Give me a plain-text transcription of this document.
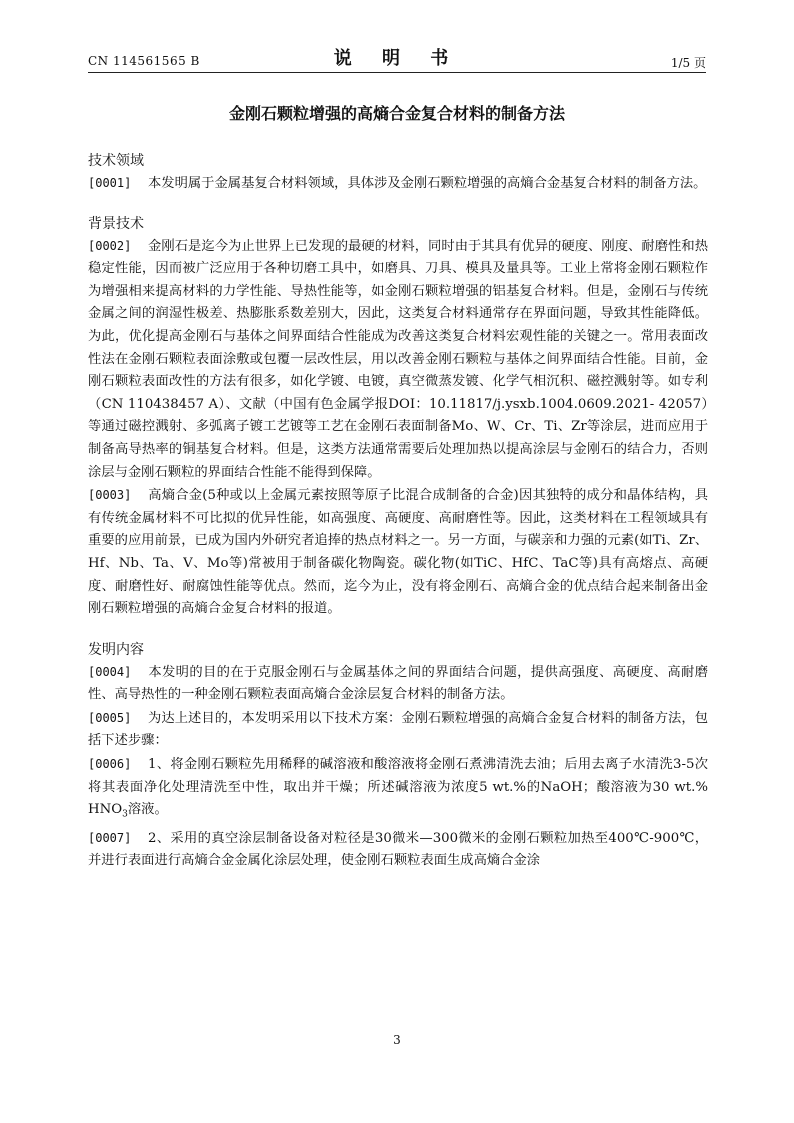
CN 114561565 B	说 明 书	1/5 页
金刚石颗粒增强的高熵合金复合材料的制备方法

技术领域

[0001] 本发明属于金属基复合材料领域，具体涉及金刚石颗粒增强的高熵合金基复合材料的制备方法。

背景技术

[0002] 金刚石是迄今为止世界上已发现的最硬的材料，同时由于其具有优异的硬度、刚度、耐磨性和热稳定性能，因而被广泛应用于各种切磨工具中，如磨具、刀具、模具及量具等。工业上常将金刚石颗粒作为增强相来提高材料的力学性能、导热性能等，如金刚石颗粒增强的铝基复合材料。但是，金刚石与传统金属之间的润湿性极差、热膨胀系数差别大，因此，这类复合材料通常存在界面问题，导致其性能降低。为此，优化提高金刚石与基体之间界面结合性能成为改善这类复合材料宏观性能的关键之一。常用表面改性法在金刚石颗粒表面涂敷或包覆一层改性层，用以改善金刚石颗粒与基体之间界面结合性能。目前，金刚石颗粒表面改性的方法有很多，如化学镀、电镀，真空微蒸发镀、化学气相沉积、磁控溅射等。如专利（CN 110438457 A）、文献（中国有色金属学报DOI：10.11817/j.ysxb.1004.0609.2021- 42057）等通过磁控溅射、多弧离子镀工艺镀等工艺在金刚石表面制备Mo、W、Cr、Ti、Zr等涂层，进而应用于制备高导热率的铜基复合材料。但是，这类方法通常需要后处理加热以提高涂层与金刚石的结合力，否则涂层与金刚石颗粒的界面结合性能不能得到保障。

[0003] 高熵合金(5种或以上金属元素按照等原子比混合成制备的合金)因其独特的成分和晶体结构，具有传统金属材料不可比拟的优异性能，如高强度、高硬度、高耐磨性等。因此，这类材料在工程领域具有重要的应用前景，已成为国内外研究者追捧的热点材料之一。另一方面，与碳亲和力强的元素(如Ti、Zr、Hf、Nb、Ta、V、Mo等)常被用于制备碳化物陶瓷。碳化物(如TiC、HfC、TaC等)具有高熔点、高硬度、耐磨性好、耐腐蚀性能等优点。然而，迄今为止，没有将金刚石、高熵合金的优点结合起来制备出金刚石颗粒增强的高熵合金复合材料的报道。

发明内容

[0004] 本发明的目的在于克服金刚石与金属基体之间的界面结合问题，提供高强度、高硬度、高耐磨性、高导热性的一种金刚石颗粒表面高熵合金涂层复合材料的制备方法。

[0005] 为达上述目的，本发明采用以下技术方案：金刚石颗粒增强的高熵合金复合材料的制备方法，包括下述步骤：

[0006] 1、将金刚石颗粒先用稀释的碱溶液和酸溶液将金刚石煮沸清洗去油；后用去离子水清洗3-5次将其表面净化处理清洗至中性，取出并干燥；所述碱溶液为浓度5 wt.%的NaOH；酸溶液为30 wt.% $HNO_3$溶液。

[0007] 2、采用的真空涂层制备设备对粒径是30微米—300微米的金刚石颗粒加热至400℃-900℃，并进行表面进行高熵合金金属化涂层处理，使金刚石颗粒表面生成高熵合金涂

3
